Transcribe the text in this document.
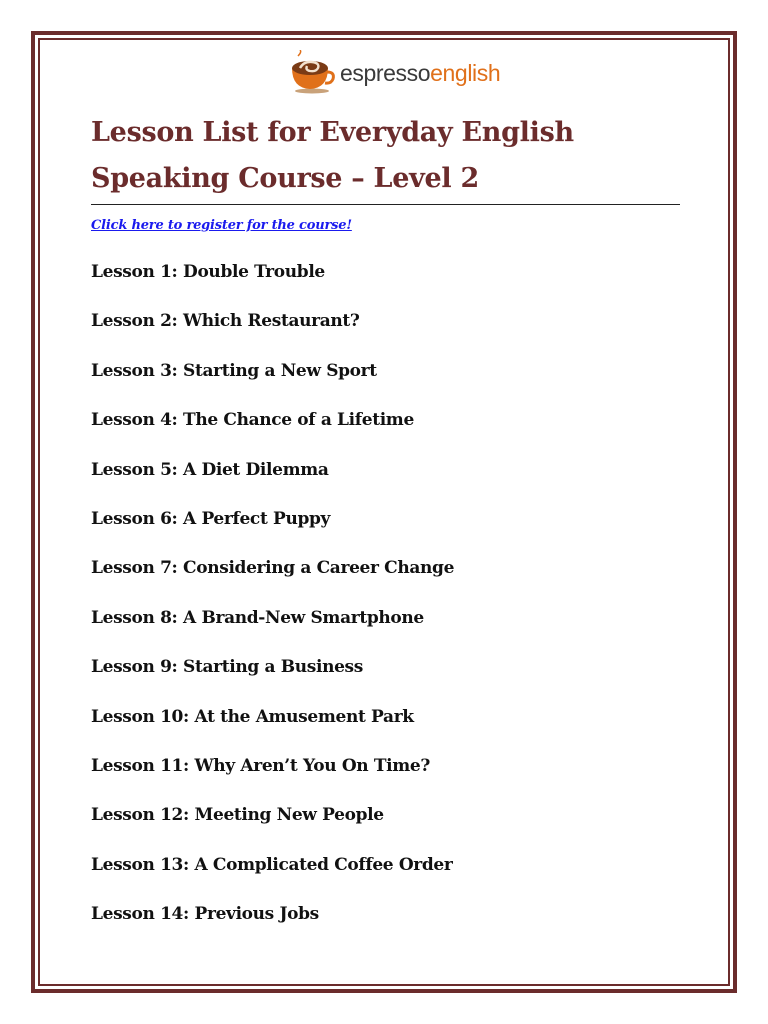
espressoenglish
Lesson List for Everyday English Speaking Course – Level 2
Click here to register for the course!
Lesson 1: Double Trouble
Lesson 2: Which Restaurant?
Lesson 3: Starting a New Sport
Lesson 4: The Chance of a Lifetime
Lesson 5: A Diet Dilemma
Lesson 6: A Perfect Puppy
Lesson 7: Considering a Career Change
Lesson 8: A Brand-New Smartphone
Lesson 9: Starting a Business
Lesson 10: At the Amusement Park
Lesson 11: Why Aren’t You On Time?
Lesson 12: Meeting New People
Lesson 13: A Complicated Coffee Order
Lesson 14: Previous Jobs
